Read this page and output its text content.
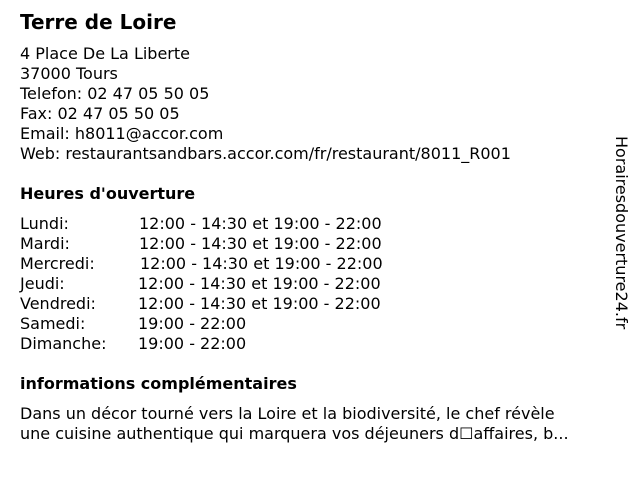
Terre de Loire
4 Place De La Liberte
37000 Tours
Telefon: 02 47 05 50 05
Fax: 02 47 05 50 05
Email: h8011@accor.com
Web: restaurantsandbars.accor.com/fr/restaurant/8011_R001
Heures d'ouverture
Lundi:	12:00 - 14:30 et 19:00 - 22:00
Mardi:	12:00 - 14:30 et 19:00 - 22:00
Mercredi:	12:00 - 14:30 et 19:00 - 22:00
Jeudi:	12:00 - 14:30 et 19:00 - 22:00
Vendredi:	12:00 - 14:30 et 19:00 - 22:00
Samedi:	19:00 - 22:00
Dimanche: 19:00 - 22:00
informations complémentaires
Dans un décor tourné vers la Loire et la biodiversité, le chef révèle
une cuisine authentique qui marquera vos déjeuners d☐affaires, b...
Horairesdouverture24.fr
